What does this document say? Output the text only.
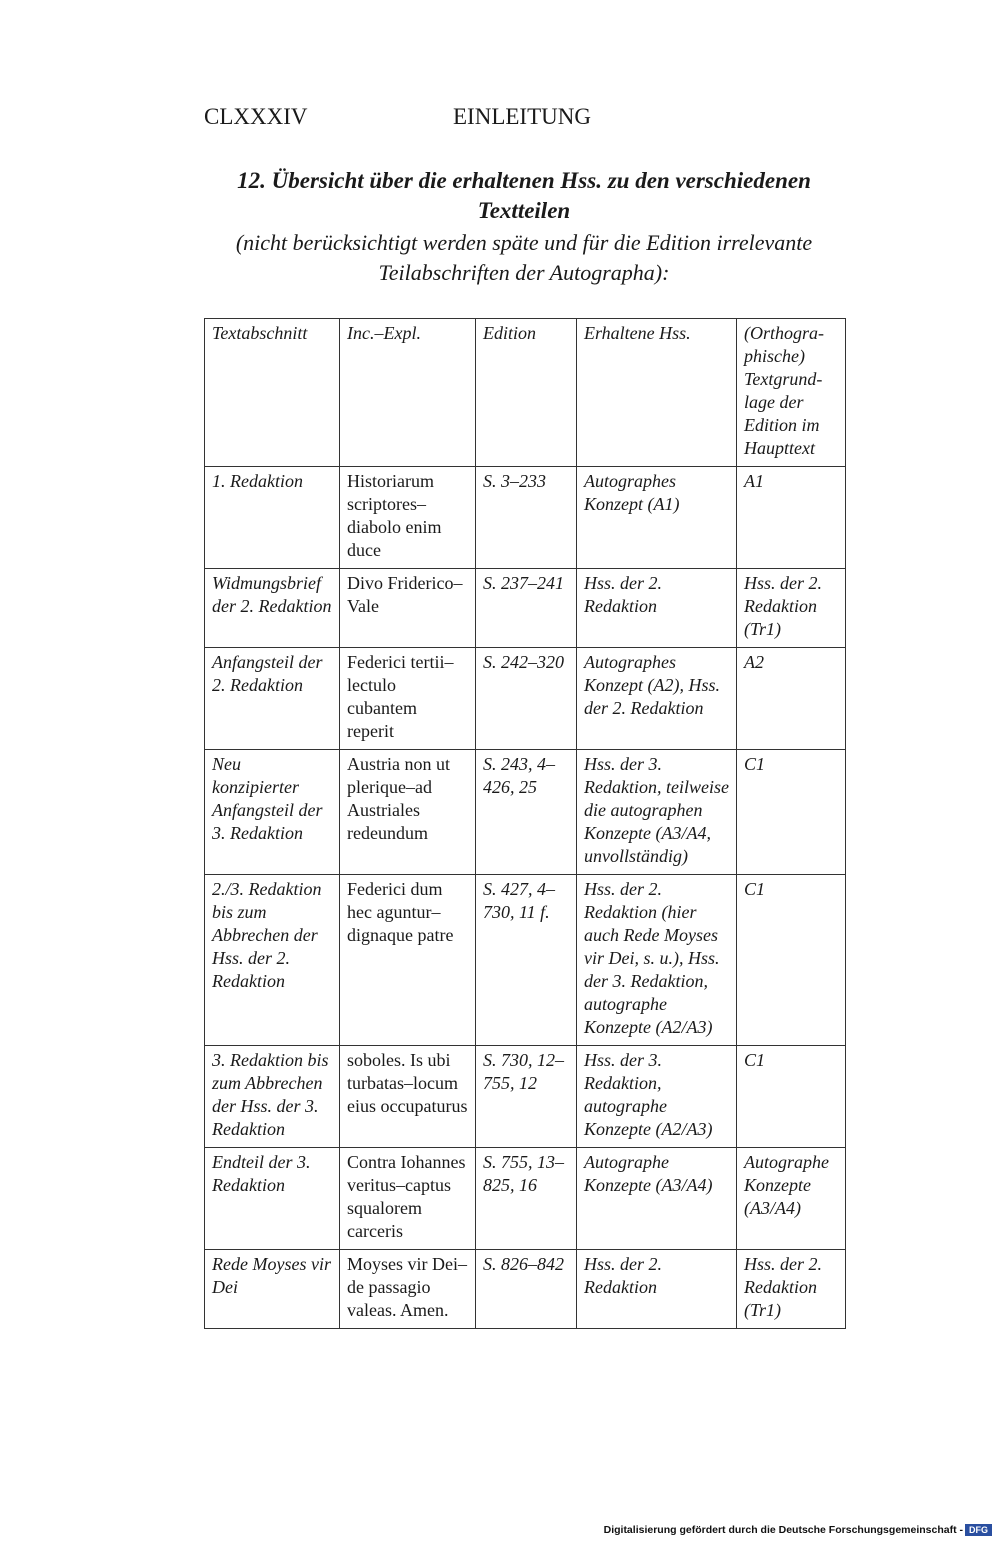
CLXXXIV	EINLEITUNG
12. Übersicht über die erhaltenen Hss. zu den verschiedenen Textteilen
(nicht berücksichtigt werden späte und für die Edition irrelevante Teilabschriften der Autographa):
Textabschnitt	Inc.–Expl.	Edition	Erhaltene Hss.	(Orthogra-phische) Textgrund-lage der Edition im Haupttext
1. Redaktion	Historiarum scriptores–diabolo enim duce	S. 3–233	Autographes Konzept (A1)	A1
Widmungsbrief der 2. Redaktion	Divo Friderico–Vale	S. 237–241	Hss. der 2. Redaktion	Hss. der 2. Redaktion (Tr1)
Anfangsteil der 2. Redaktion	Federici tertii–lectulo cubantem reperit	S. 242–320	Autographes Konzept (A2), Hss. der 2. Redaktion	A2
Neu konzipierter Anfangsteil der 3. Redaktion	Austria non ut plerique–ad Austriales redeundum	S. 243, 4–426, 25	Hss. der 3. Redaktion, teilweise die autographen Konzepte (A3/A4, unvollständig)	C1
2./3. Redaktion bis zum Abbrechen der Hss. der 2. Redaktion	Federici dum hec aguntur–dignaque patre	S. 427, 4–730, 11 f.	Hss. der 2. Redaktion (hier auch Rede Moyses vir Dei, s. u.), Hss. der 3. Redaktion, autographe Konzepte (A2/A3)	C1
3. Redaktion bis zum Abbrechen der Hss. der 3. Redaktion	soboles. Is ubi turbatas–locum eius occupaturus	S. 730, 12–755, 12	Hss. der 3. Redaktion, autographe Konzepte (A2/A3)	C1
Endteil der 3. Redaktion	Contra Iohannes veritus–captus squalorem carceris	S. 755, 13–825, 16	Autographe Konzepte (A3/A4)	Autographe Konzepte (A3/A4)
Rede Moyses vir Dei	Moyses vir Dei–de passagio valeas. Amen.	S. 826–842	Hss. der 2. Redaktion	Hss. der 2. Redaktion (Tr1)
Digitalisierung gefördert durch die Deutsche Forschungsgemeinschaft - DFG
